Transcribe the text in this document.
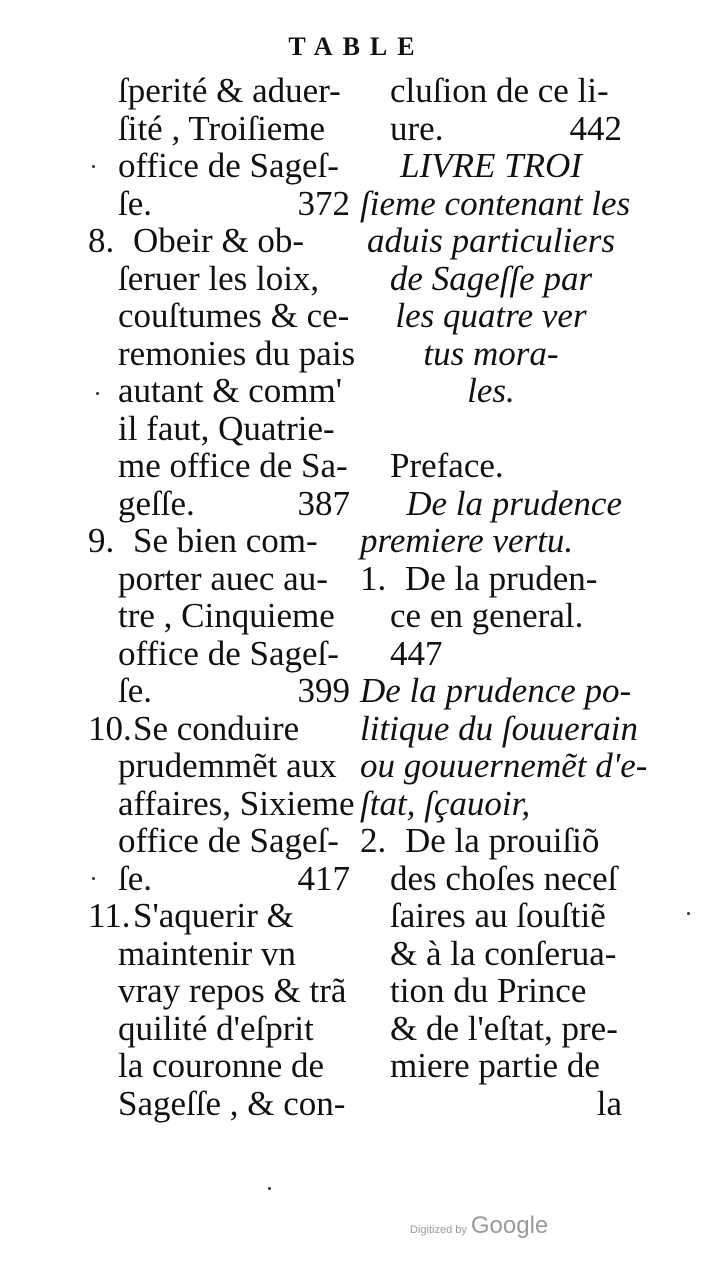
TABLE
ſperité & aduer-
ſité , Troiſieme
office de Sageſ-
ſe.	372
8. Obeir & ob-
ſeruer les loix,
couſtumes & ce-
remonies du pais
autant & comm'
il faut, Quatrie-
me office de Sa-
geſſe.	387
9. Se bien com-
porter auec au-
tre , Cinquieme
office de Sageſ-
ſe.	399
10. Se conduire
prudemmẽt aux
affaires, Sixieme
office de Sageſ-
ſe.	417
11. S'aquerir &
maintenir vn
vray repos & trã
quilité d'eſprit
la couronne de
Sageſſe , & con-
cluſion de ce li-
ure.	442
LIVRE TROI
ſieme contenant les
aduis particuliers
de Sageſſe par
les quatre ver
tus mora-
les.
Preface.
De la prudence
premiere vertu.
1. De la pruden-
ce en general.
447
De la prudence po-
litique du ſouuerain
ou gouuernemẽt d'e-
ſtat, ſçauoir,
2. De la prouiſiõ
des choſes neceſ
ſaires au ſouſtiẽ
& à la conſerua-
tion du Prince
& de l'eſtat, pre-
miere partie de
la
Digitized by Google
